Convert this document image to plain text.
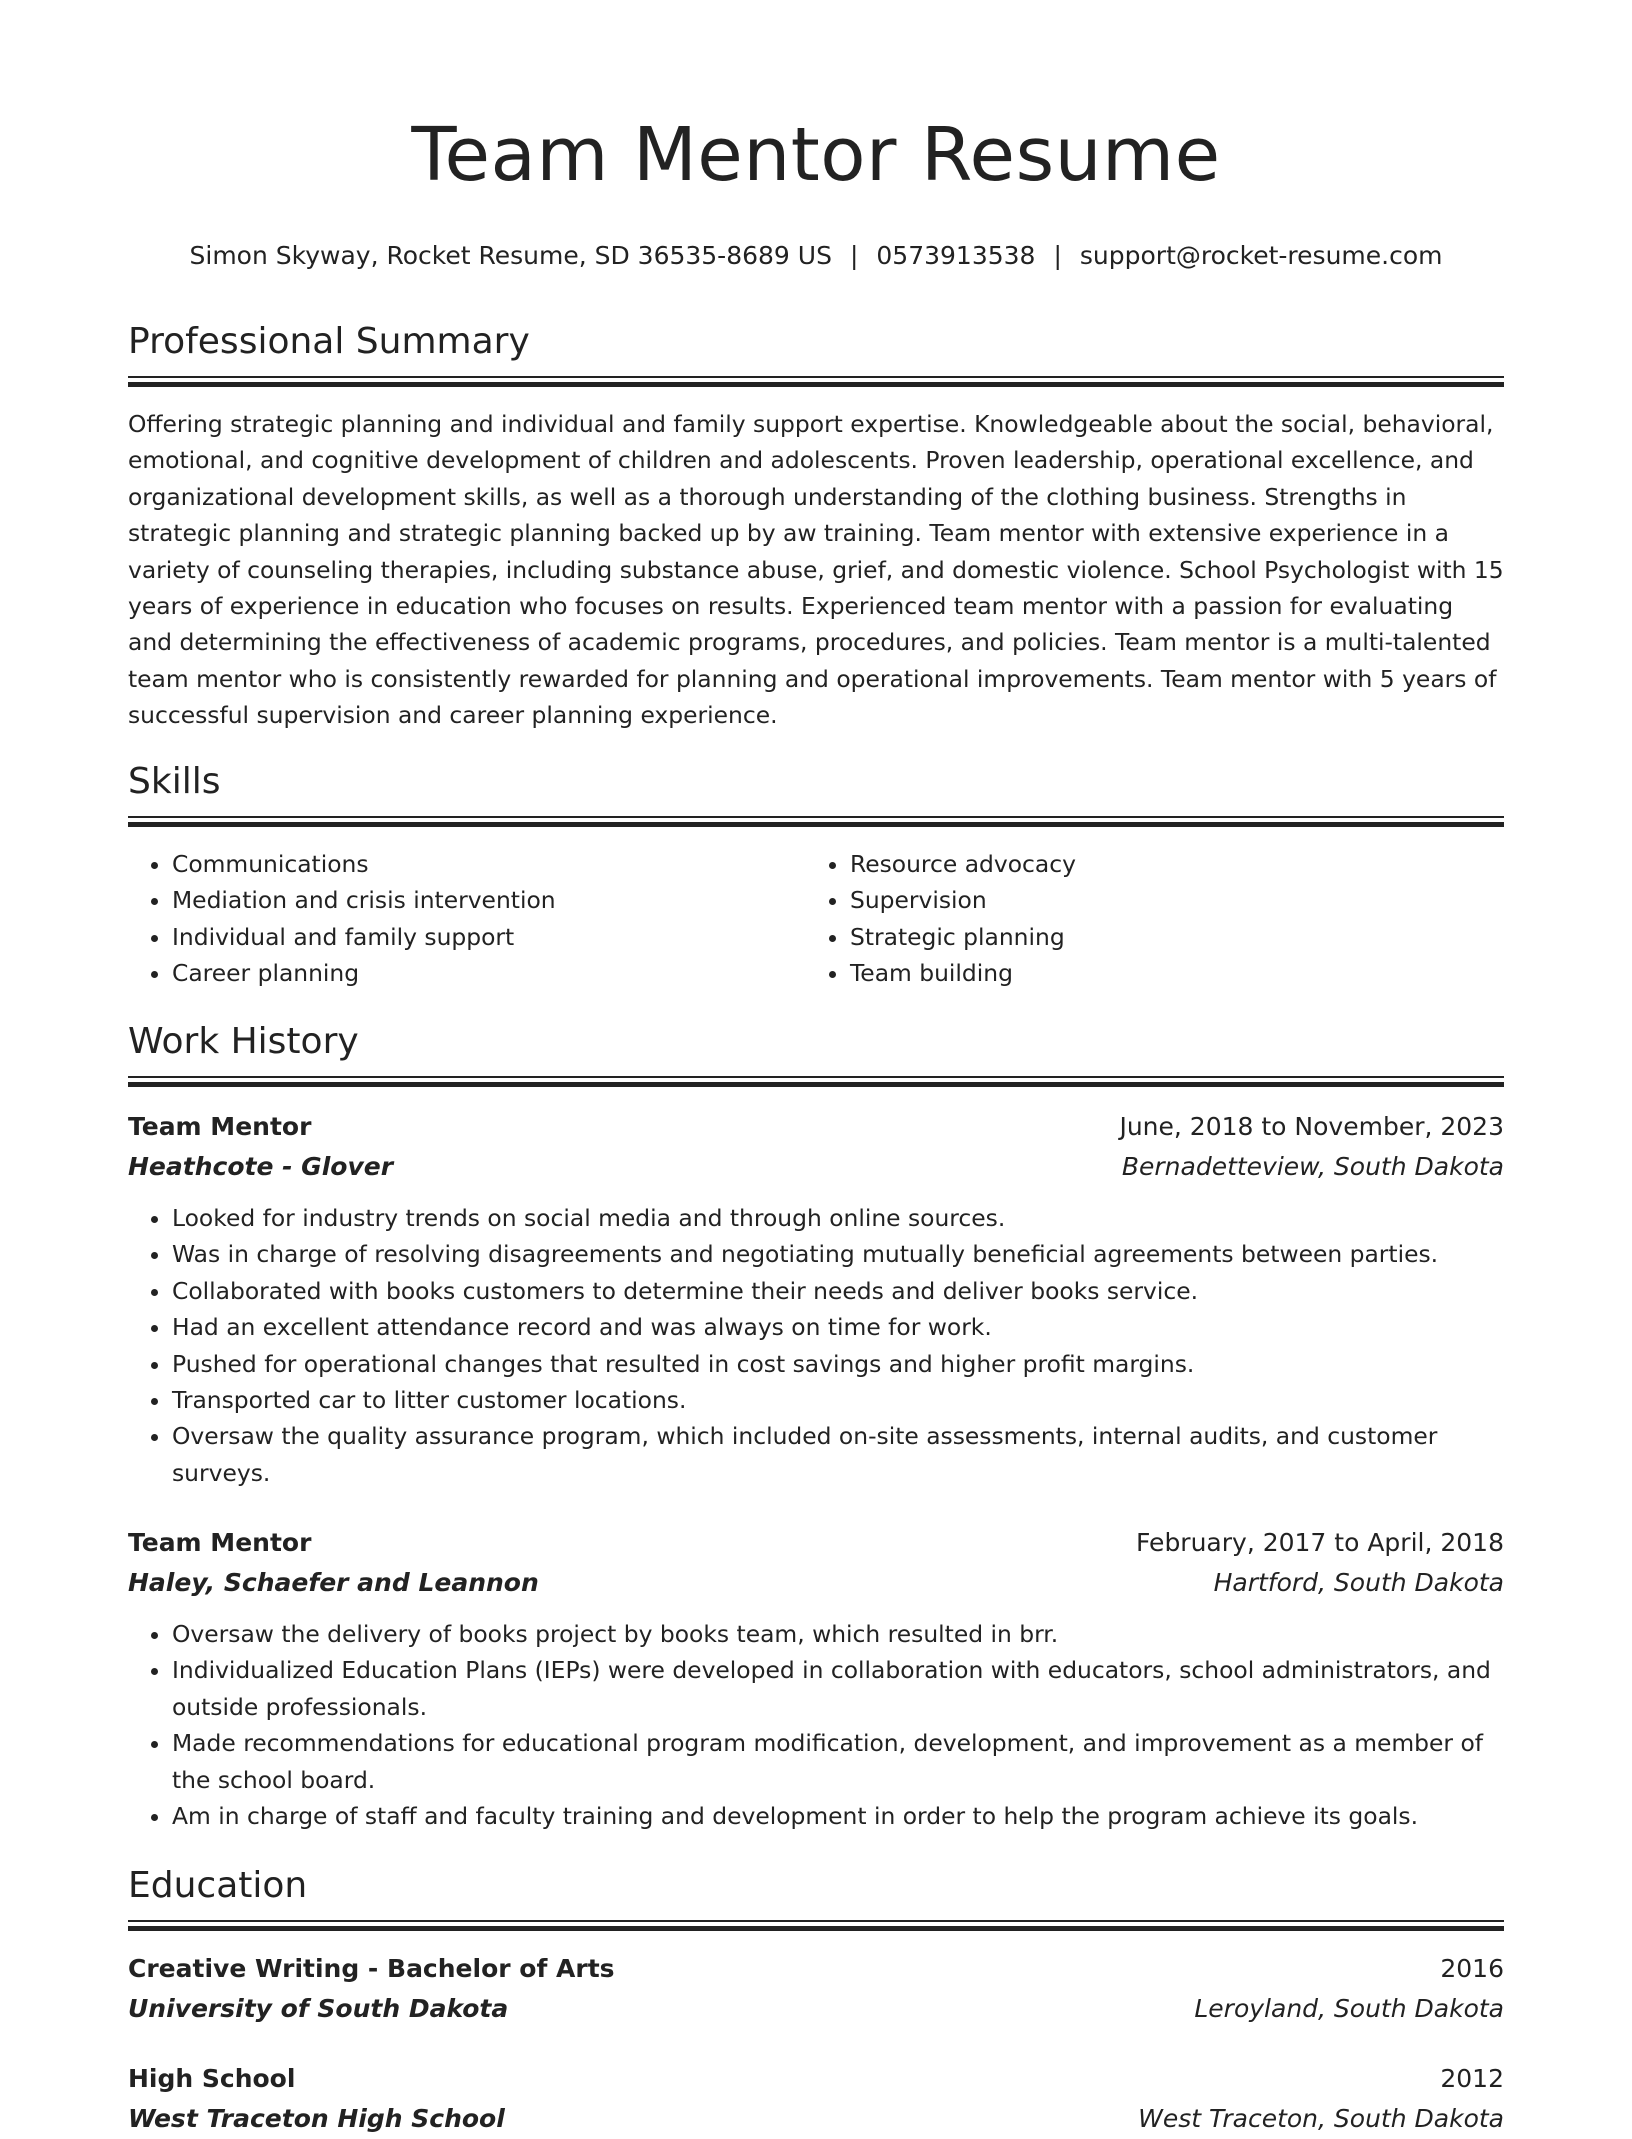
Team Mentor Resume
Simon Skyway, Rocket Resume, SD 36535-8689 US | 0573913538 | support@rocket-resume.com
Professional Summary

Offering strategic planning and individual and family support expertise. Knowledgeable about the social, behavioral, emotional, and cognitive development of children and adolescents. Proven leadership, operational excellence, and organizational development skills, as well as a thorough understanding of the clothing business. Strengths in strategic planning and strategic planning backed up by aw training. Team mentor with extensive experience in a variety of counseling therapies, including substance abuse, grief, and domestic violence. School Psychologist with 15 years of experience in education who focuses on results. Experienced team mentor with a passion for evaluating and determining the effectiveness of academic programs, procedures, and policies. Team mentor is a multi-talented team mentor who is consistently rewarded for planning and operational improvements. Team mentor with 5 years of successful supervision and career planning experience.

Skills
• Communications
• Mediation and crisis intervention
• Individual and family support
• Career planning
• Resource advocacy
• Supervision
• Strategic planning
• Team building
Work History
Team Mentor	June, 2018 to November, 2023
Heathcote - Glover	Bernadetteview, South Dakota
• Looked for industry trends on social media and through online sources.
• Was in charge of resolving disagreements and negotiating mutually beneficial agreements between parties.
• Collaborated with books customers to determine their needs and deliver books service.
• Had an excellent attendance record and was always on time for work.
• Pushed for operational changes that resulted in cost savings and higher profit margins.
• Transported car to litter customer locations.
• Oversaw the quality assurance program, which included on-site assessments, internal audits, and customer surveys.
Team Mentor	February, 2017 to April, 2018
Haley, Schaefer and Leannon	Hartford, South Dakota
• Oversaw the delivery of books project by books team, which resulted in brr.
• Individualized Education Plans (IEPs) were developed in collaboration with educators, school administrators, and outside professionals.
• Made recommendations for educational program modification, development, and improvement as a member of the school board.
• Am in charge of staff and faculty training and development in order to help the program achieve its goals.
Education
Creative Writing - Bachelor of Arts	2016
University of South Dakota	Leroyland, South Dakota
High School	2012
West Traceton High School	West Traceton, South Dakota
